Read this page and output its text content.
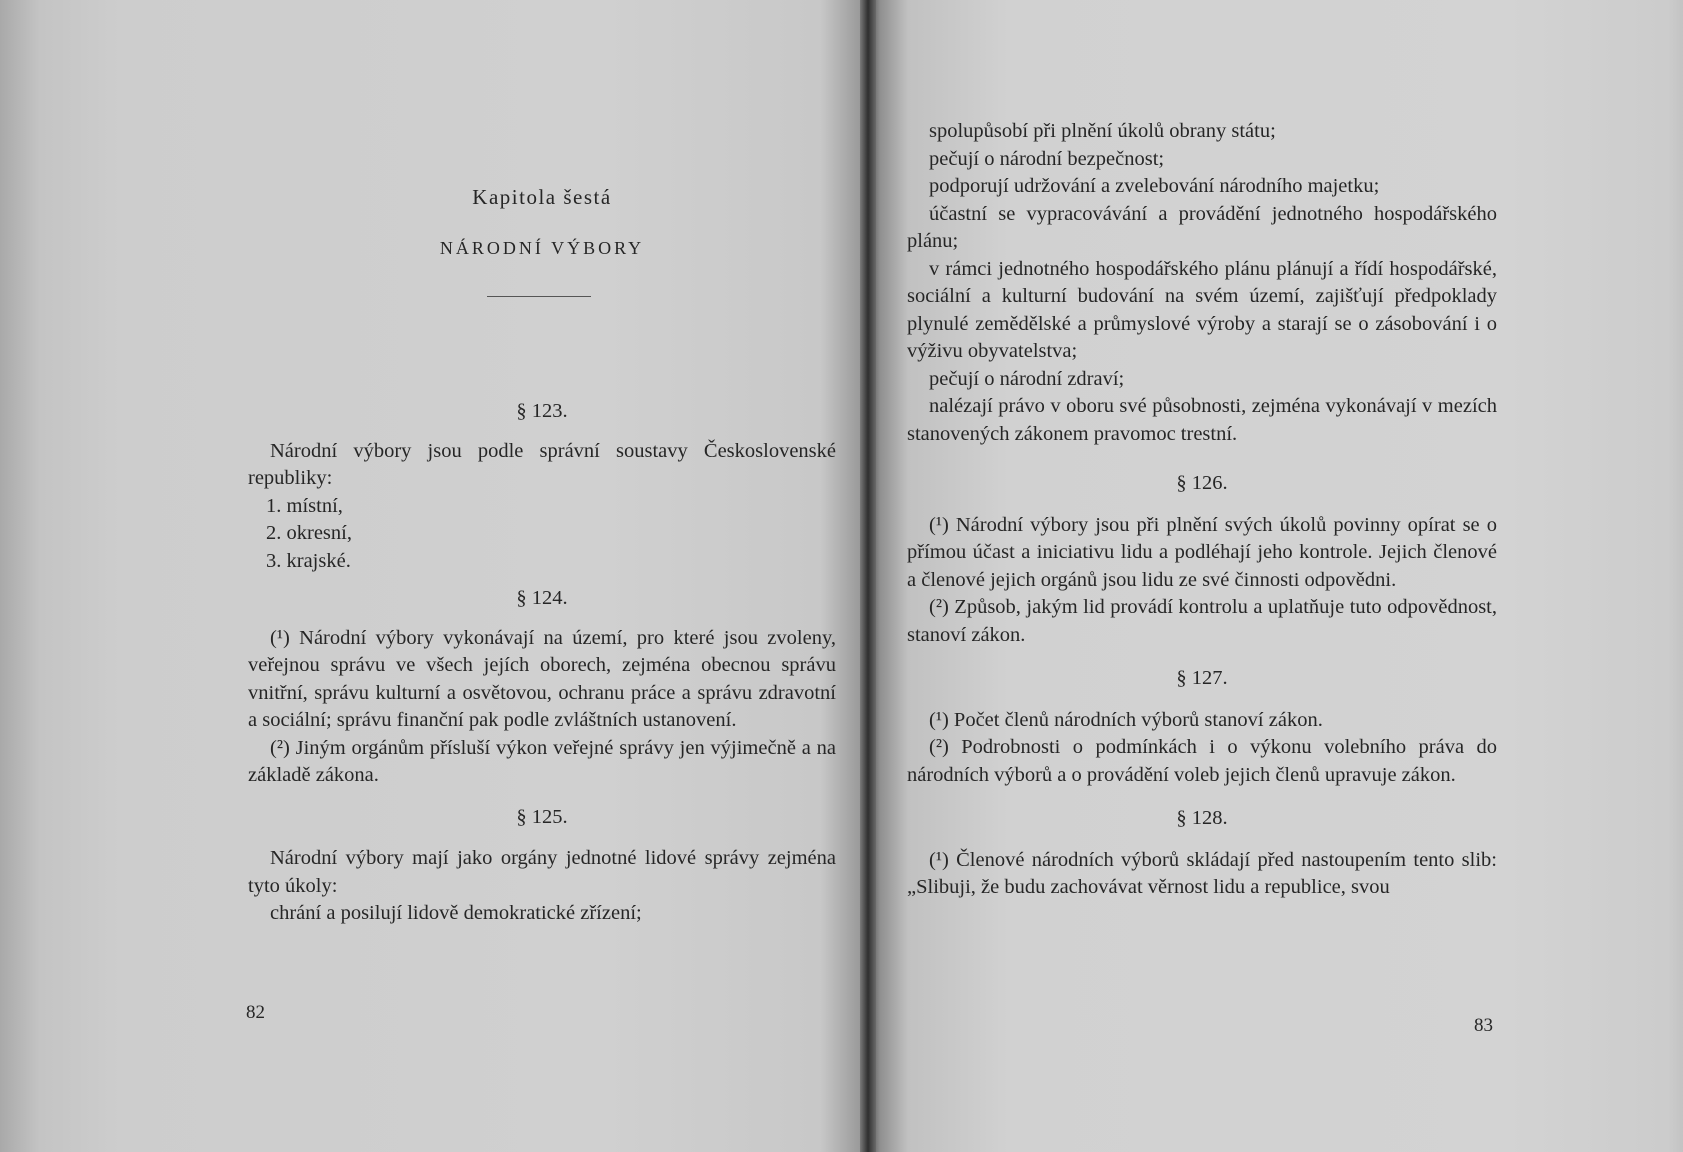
Kapitola šestá
NÁRODNÍ VÝBORY

§ 123.

Národní výbory jsou podle správní soustavy Československé republiky:

1. místní,

2. okresní,

3. krajské.

§ 124.

(¹) Národní výbory vykonávají na území, pro které jsou zvoleny, veřejnou správu ve všech jejích oborech, zejména obecnou správu vnitřní, správu kulturní a osvětovou, ochranu práce a správu zdravotní a sociální; správu finanční pak podle zvláštních ustanovení.

(²) Jiným orgánům přísluší výkon veřejné správy jen výjimečně a na základě zákona.

§ 125.

Národní výbory mají jako orgány jednotné lidové správy zejména tyto úkoly:

chrání a posilují lidově demokratické zřízení;

82

spolupůsobí při plnění úkolů obrany státu;

pečují o národní bezpečnost;

podporují udržování a zvelebování národního majetku;

účastní se vypracovávání a provádění jednotného hospodářského plánu;

v rámci jednotného hospodářského plánu plánují a řídí hospodářské, sociální a kulturní budování na svém území, zajišťují předpoklady plynulé zemědělské a průmyslové výroby a starají se o zásobování i o výživu obyvatelstva;

pečují o národní zdraví;

nalézají právo v oboru své působnosti, zejména vykonávají v mezích stanovených zákonem pravomoc trestní.

§ 126.

(¹) Národní výbory jsou při plnění svých úkolů povinny opírat se o přímou účast a iniciativu lidu a podléhají jeho kontrole. Jejich členové a členové jejich orgánů jsou lidu ze své činnosti odpovědni.

(²) Způsob, jakým lid provádí kontrolu a uplatňuje tuto odpovědnost, stanoví zákon.

§ 127.

(¹) Počet členů národních výborů stanoví zákon.

(²) Podrobnosti o podmínkách i o výkonu volebního práva do národních výborů a o provádění voleb jejich členů upravuje zákon.

§ 128.

(¹) Členové národních výborů skládají před nastoupením tento slib: „Slibuji, že budu zachovávat věrnost lidu a republice, svou

83
